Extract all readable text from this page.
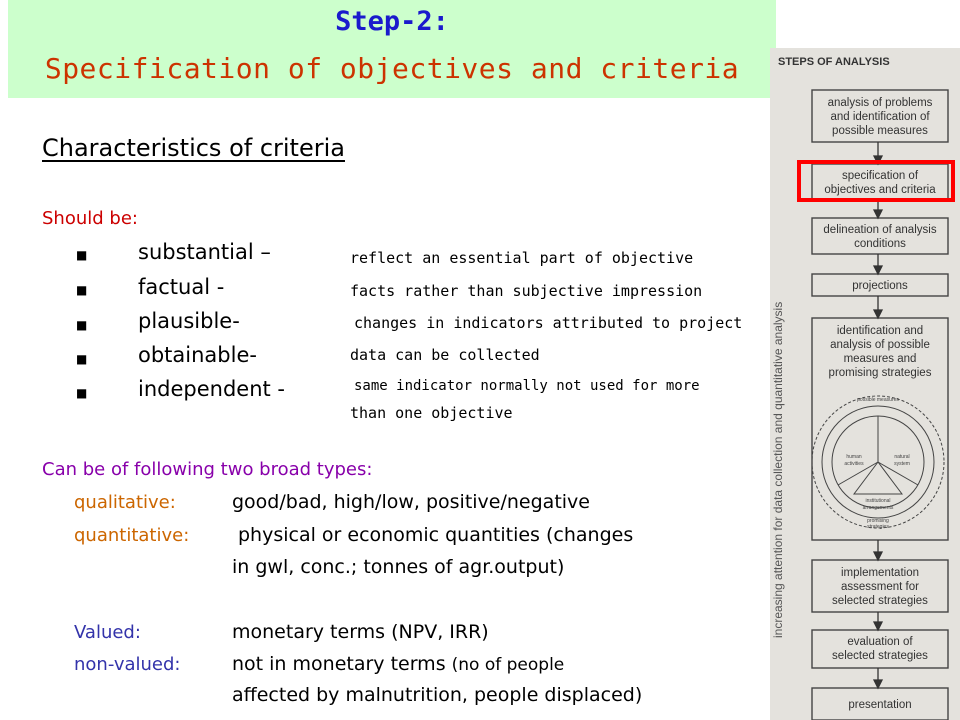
Step-2:
Specification of objectives and criteria
Characteristics of criteria
Should be:
■ substantial –	reflect an essential part of objective
■ factual -	facts rather than subjective impression
■ plausible-	changes in indicators attributed to project
■ obtainable-	data can be collected
■ independent -	same indicator normally not used for more
than one objective
Can be of following two broad types:
qualitative:	good/bad, high/low, positive/negative
quantitative:	physical or economic quantities (changes
in gwl, conc.; tonnes of agr.output)
Valued:	monetary terms (NPV, IRR)
non-valued:	not in monetary terms (no of people
affected by malnutrition, people displaced)
STEPS OF ANALYSIS
increasing attention for data collection and quantitative analysis
analysis of problems
and identification of
possible measures
specification of
objectives and criteria
delineation of analysis
conditions
projections
identification and
analysis of possible
measures and
promising strategies
implementation
assessment for
selected strategies
evaluation of
selected strategies
presentation
possible measures
human
activities
natural
system
institutional
arrangements
promising
strategies
